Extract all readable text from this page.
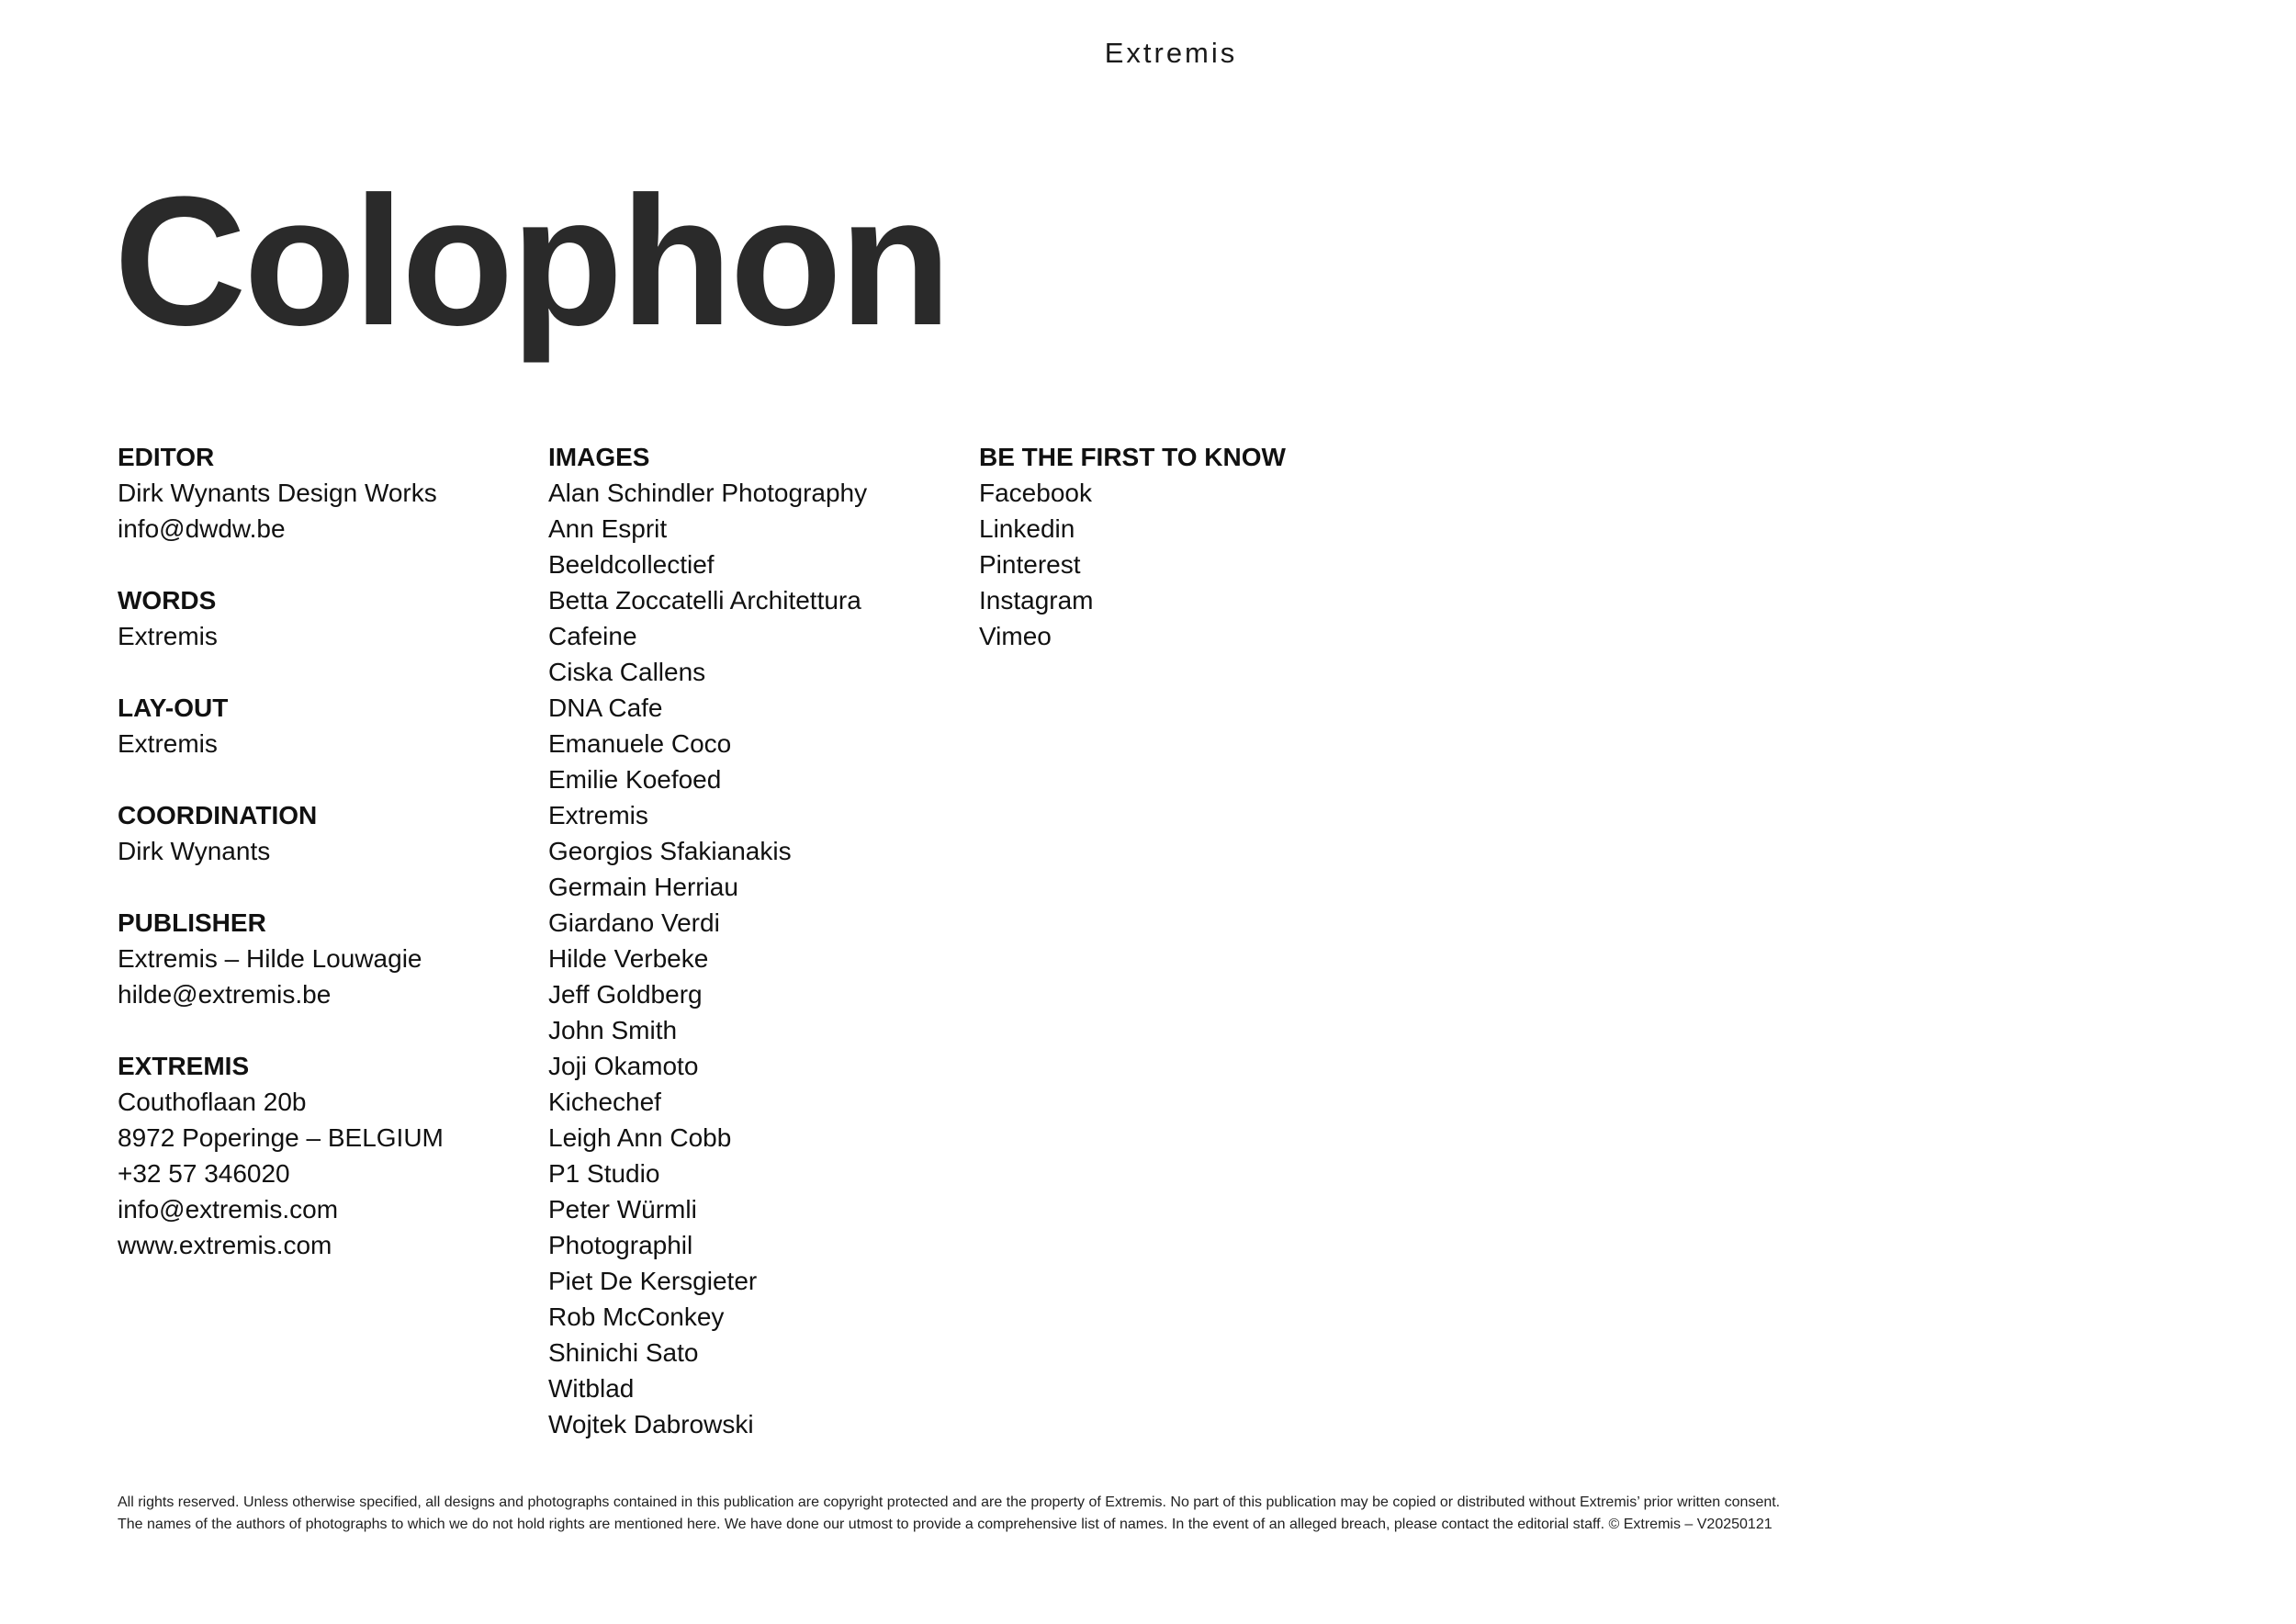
Extremis
Colophon
EDITOR
Dirk Wynants Design Works
info@dwdw.be
WORDS
Extremis
LAY-OUT
Extremis
COORDINATION
Dirk Wynants
PUBLISHER
Extremis – Hilde Louwagie
hilde@extremis.be
EXTREMIS
Couthoflaan 20b
8972 Poperinge – BELGIUM
+32 57 346020
info@extremis.com
www.extremis.com
IMAGES
Alan Schindler Photography
Ann Esprit
Beeldcollectief
Betta Zoccatelli Architettura
Cafeine
Ciska Callens
DNA Cafe
Emanuele Coco
Emilie Koefoed
Extremis
Georgios Sfakianakis
Germain Herriau
Giardano Verdi
Hilde Verbeke
Jeff Goldberg
John Smith
Joji Okamoto
Kichechef
Leigh Ann Cobb
P1 Studio
Peter Würmli
Photographil
Piet De Kersgieter
Rob McConkey
Shinichi Sato
Witblad
Wojtek Dabrowski
BE THE FIRST TO KNOW
Facebook
Linkedin
Pinterest
Instagram
Vimeo
All rights reserved. Unless otherwise specified, all designs and photographs contained in this publication are copyright protected and are the property of Extremis. No part of this publication may be copied or distributed without Extremis’ prior written consent.
The names of the authors of photographs to which we do not hold rights are mentioned here. We have done our utmost to provide a comprehensive list of names. In the event of an alleged breach, please contact the editorial staff. © Extremis – V20250121
